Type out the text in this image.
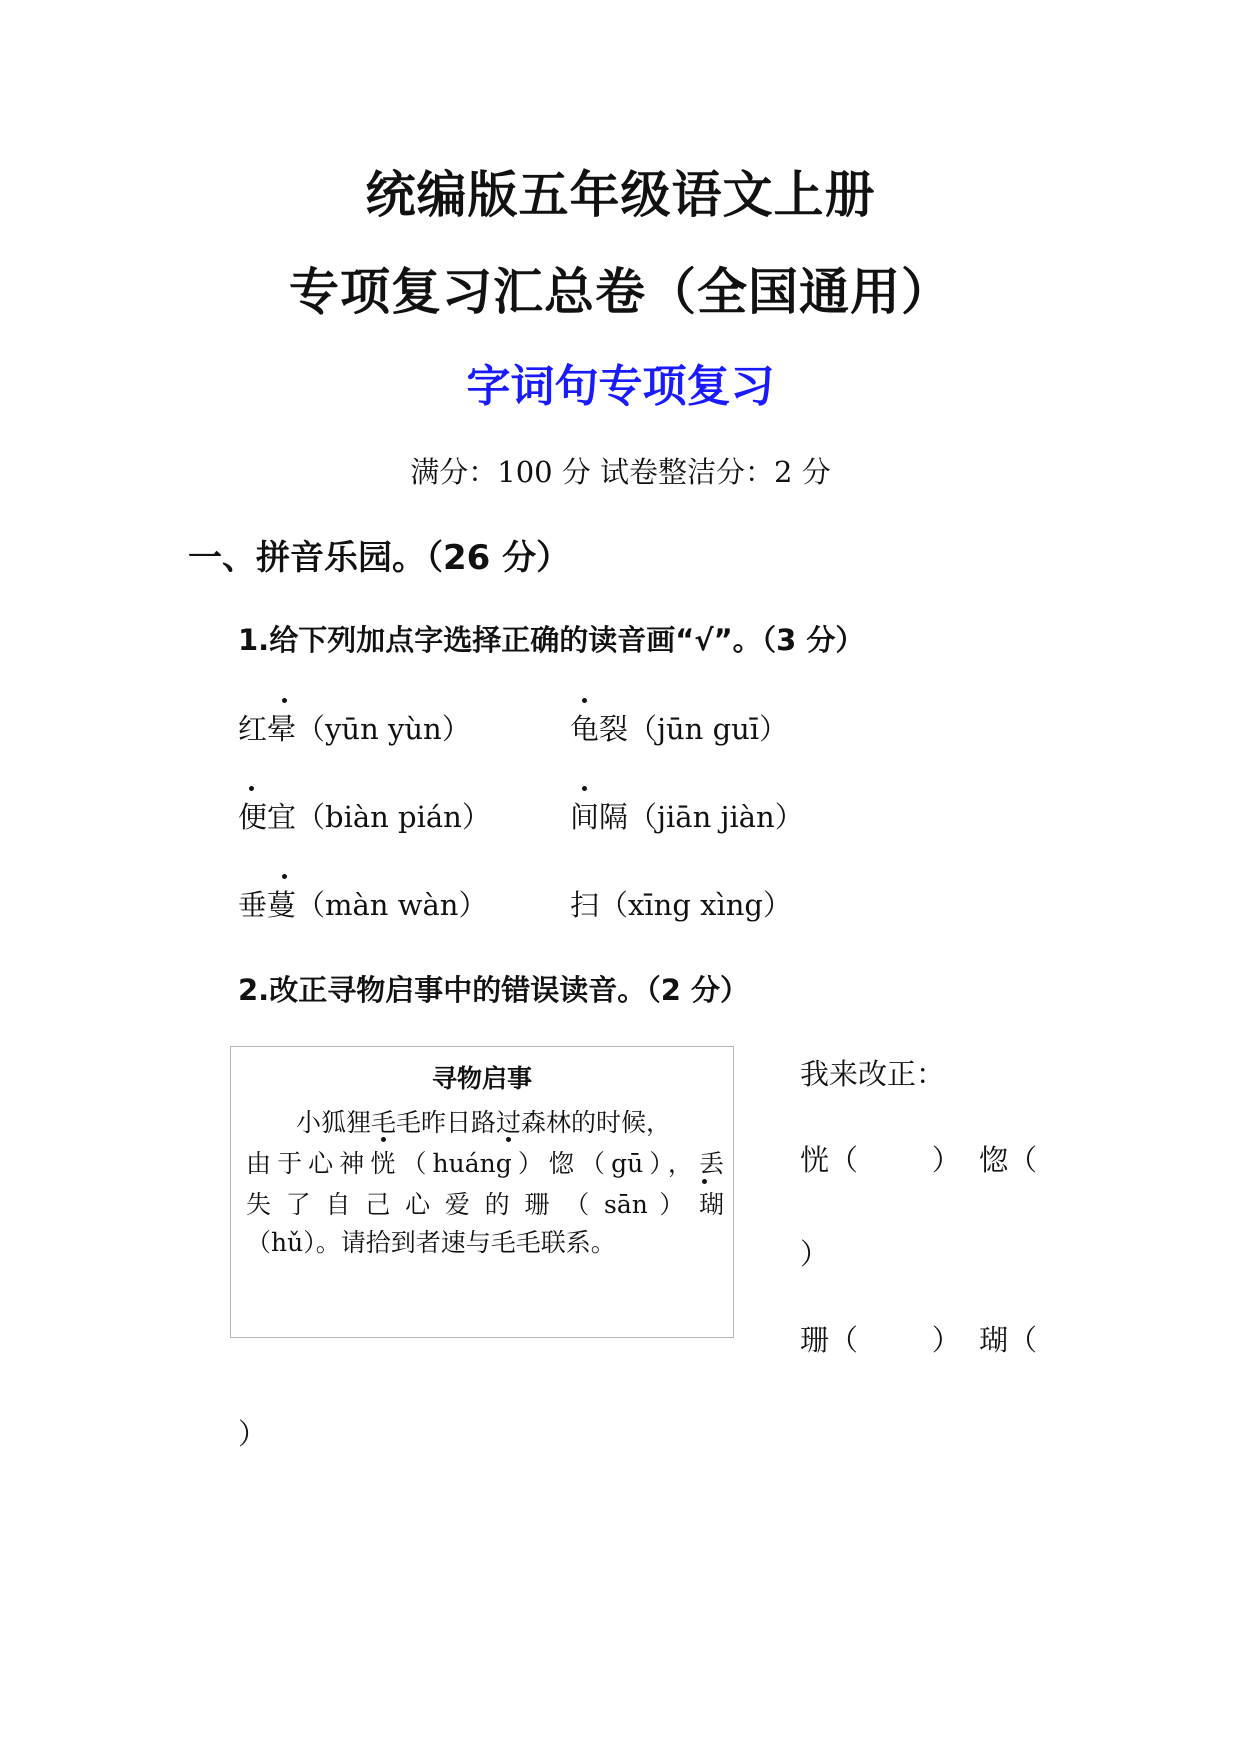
统编版五年级语文上册
专项复习汇总卷（全国通用）
字词句专项复习
满分：100 分 试卷整洁分：2 分
一、拼音乐园。（26 分）
1.给下列加点字选择正确的读音画“√”。（3 分）
红晕（yūn yùn）	龟裂（jūn guī）
便宜（biàn pián）	间隔（jiān jiàn）
垂蔓（màn wàn）	扫（xīng xìng）
2.改正寻物启事中的错误读音。（2 分）
寻物启事
小狐狸毛毛昨日路过森林的时候，
由于心神恍（huáng）惚（gū），丢
失 了 自 己 心 爱 的 珊 （ sān ） 瑚
（hǔ）。请拾到者速与毛毛联系。
我来改正：
恍（        ）  惚（
）
珊（        ）  瑚（
）
